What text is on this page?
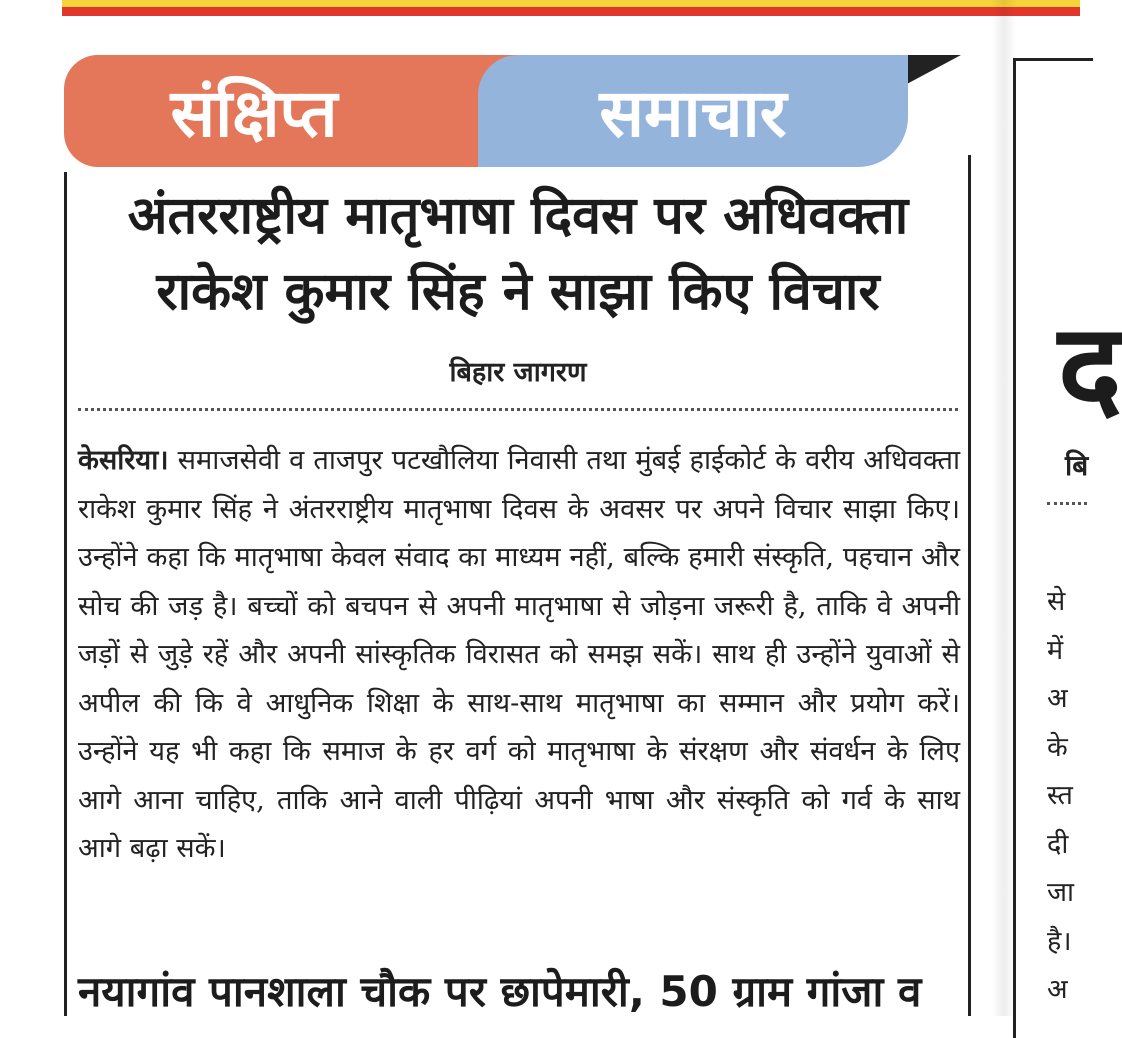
संक्षिप्त	समाचार
अंतरराष्ट्रीय मातृभाषा दिवस पर अधिवक्ता राकेश कुमार सिंह ने साझा किए विचार
बिहार जागरण

केसरिया। समाजसेवी व ताजपुर पटखौलिया निवासी तथा मुंबई हाईकोर्ट के वरीय अधिवक्ता राकेश कुमार सिंह ने अंतरराष्ट्रीय मातृभाषा दिवस के अवसर पर अपने विचार साझा किए। उन्होंने कहा कि मातृभाषा केवल संवाद का माध्यम नहीं, बल्कि हमारी संस्कृति, पहचान और सोच की जड़ है। बच्चों को बचपन से अपनी मातृभाषा से जोड़ना जरूरी है, ताकि वे अपनी जड़ों से जुड़े रहें और अपनी सांस्कृतिक विरासत को समझ सकें। साथ ही उन्होंने युवाओं से अपील की कि वे आधुनिक शिक्षा के साथ-साथ मातृभाषा का सम्मान और प्रयोग करें। उन्होंने यह भी कहा कि समाज के हर वर्ग को मातृभाषा के संरक्षण और संवर्धन के लिए आगे आना चाहिए, ताकि आने वाली पीढ़ियां अपनी भाषा और संस्कृति को गर्व के साथ आगे बढ़ा सकें।

नयागांव पानशाला चौक पर छापेमारी, 50 ग्राम गांजा व
द
बि
से
में
अ
के
स्त
दी
जा
है।
अ
